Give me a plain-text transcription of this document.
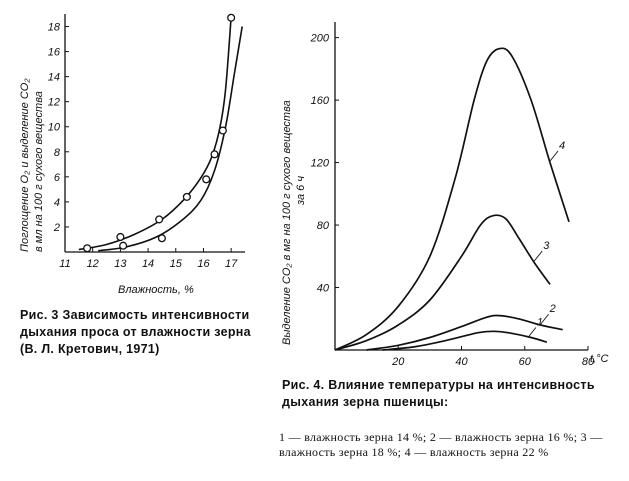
11 12 13 14 15 16 17
2
4
6
8
10
12
14
16
18
Влажность, %
Поглощение O₂ и выделение CO₂ в мл на 100 г сухого вещества
20	40	60	80
40
80
120
160
200
1
2
3
4
t,°C
Выделение CO₂ в мг на 100 г сухого вещества за 6 ч
Рис. 3 Зависимость интенсивности дыхания проса от влажности зерна (В. Л. Кретович, 1971)
Рис. 4. Влияние температуры на интенсивность дыхания зерна пшеницы:
1 — влажность зерна 14 %; 2 — влажность зерна 16 %; 3 — влажность зерна 18 %; 4 — влажность зерна 22 %
